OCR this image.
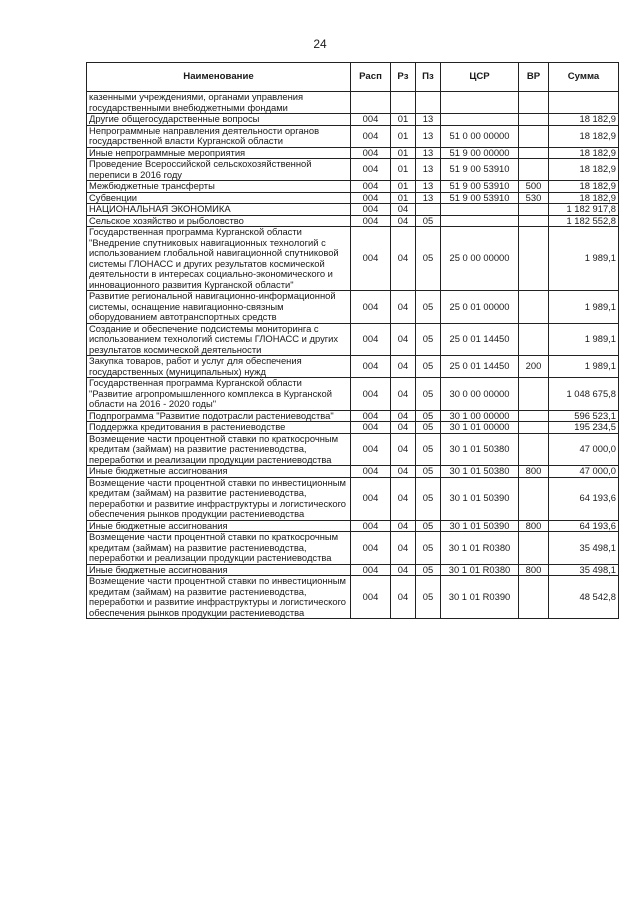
24
Наименование	Расп	Рз	Пз	ЦСР	ВР	Сумма
казенными учреждениями, органами управления государственными внебюджетными фондами						
Другие общегосударственные вопросы	004	01	13			18 182,9
Непрограммные направления деятельности органов государственной власти Курганской области	004	01	13	51 0 00 00000		18 182,9
Иные непрограммные мероприятия	004	01	13	51 9 00 00000		18 182,9
Проведение Всероссийской сельскохозяйственной переписи в 2016 году	004	01	13	51 9 00 53910		18 182,9
Межбюджетные трансферты	004	01	13	51 9 00 53910	500	18 182,9
Субвенции	004	01	13	51 9 00 53910	530	18 182,9
НАЦИОНАЛЬНАЯ ЭКОНОМИКА	004	04				1 182 917,8
Сельское хозяйство и рыболовство	004	04	05			1 182 552,8
Государственная программа Курганской области "Внедрение спутниковых навигационных технологий с использованием глобальной навигационной спутниковой системы ГЛОНАСС и других результатов космической деятельности в интересах социально-экономического и инновационного развития Курганской области"	004	04	05	25 0 00 00000		1 989,1
Развитие региональной навигационно-информационной системы, оснащение навигационно-связным оборудованием автотранспортных средств	004	04	05	25 0 01 00000		1 989,1
Создание и обеспечение подсистемы мониторинга с использованием технологий системы ГЛОНАСС и других результатов космической деятельности	004	04	05	25 0 01 14450		1 989,1
Закупка товаров, работ и услуг для обеспечения государственных (муниципальных) нужд	004	04	05	25 0 01 14450	200	1 989,1
Государственная программа Курганской области "Развитие агропромышленного комплекса в Курганской области на 2016 - 2020 годы"	004	04	05	30 0 00 00000		1 048 675,8
Подпрограмма "Развитие подотрасли растениеводства"	004	04	05	30 1 00 00000		596 523,1
Поддержка кредитования в растениеводстве	004	04	05	30 1 01 00000		195 234,5
Возмещение части процентной ставки по краткосрочным кредитам (займам) на развитие растениеводства, переработки и реализации продукции растениеводства	004	04	05	30 1 01 50380		47 000,0
Иные бюджетные ассигнования	004	04	05	30 1 01 50380	800	47 000,0
Возмещение части процентной ставки по инвестиционным кредитам (займам) на развитие растениеводства, переработки и развитие инфраструктуры и логистического обеспечения рынков продукции растениеводства	004	04	05	30 1 01 50390		64 193,6
Иные бюджетные ассигнования	004	04	05	30 1 01 50390	800	64 193,6
Возмещение части процентной ставки по краткосрочным кредитам (займам) на развитие растениеводства, переработки и реализации продукции растениеводства	004	04	05	30 1 01 R0380		35 498,1
Иные бюджетные ассигнования	004	04	05	30 1 01 R0380	800	35 498,1
Возмещение части процентной ставки по инвестиционным кредитам (займам) на развитие растениеводства, переработки и развитие инфраструктуры и логистического обеспечения рынков продукции растениеводства	004	04	05	30 1 01 R0390		48 542,8
